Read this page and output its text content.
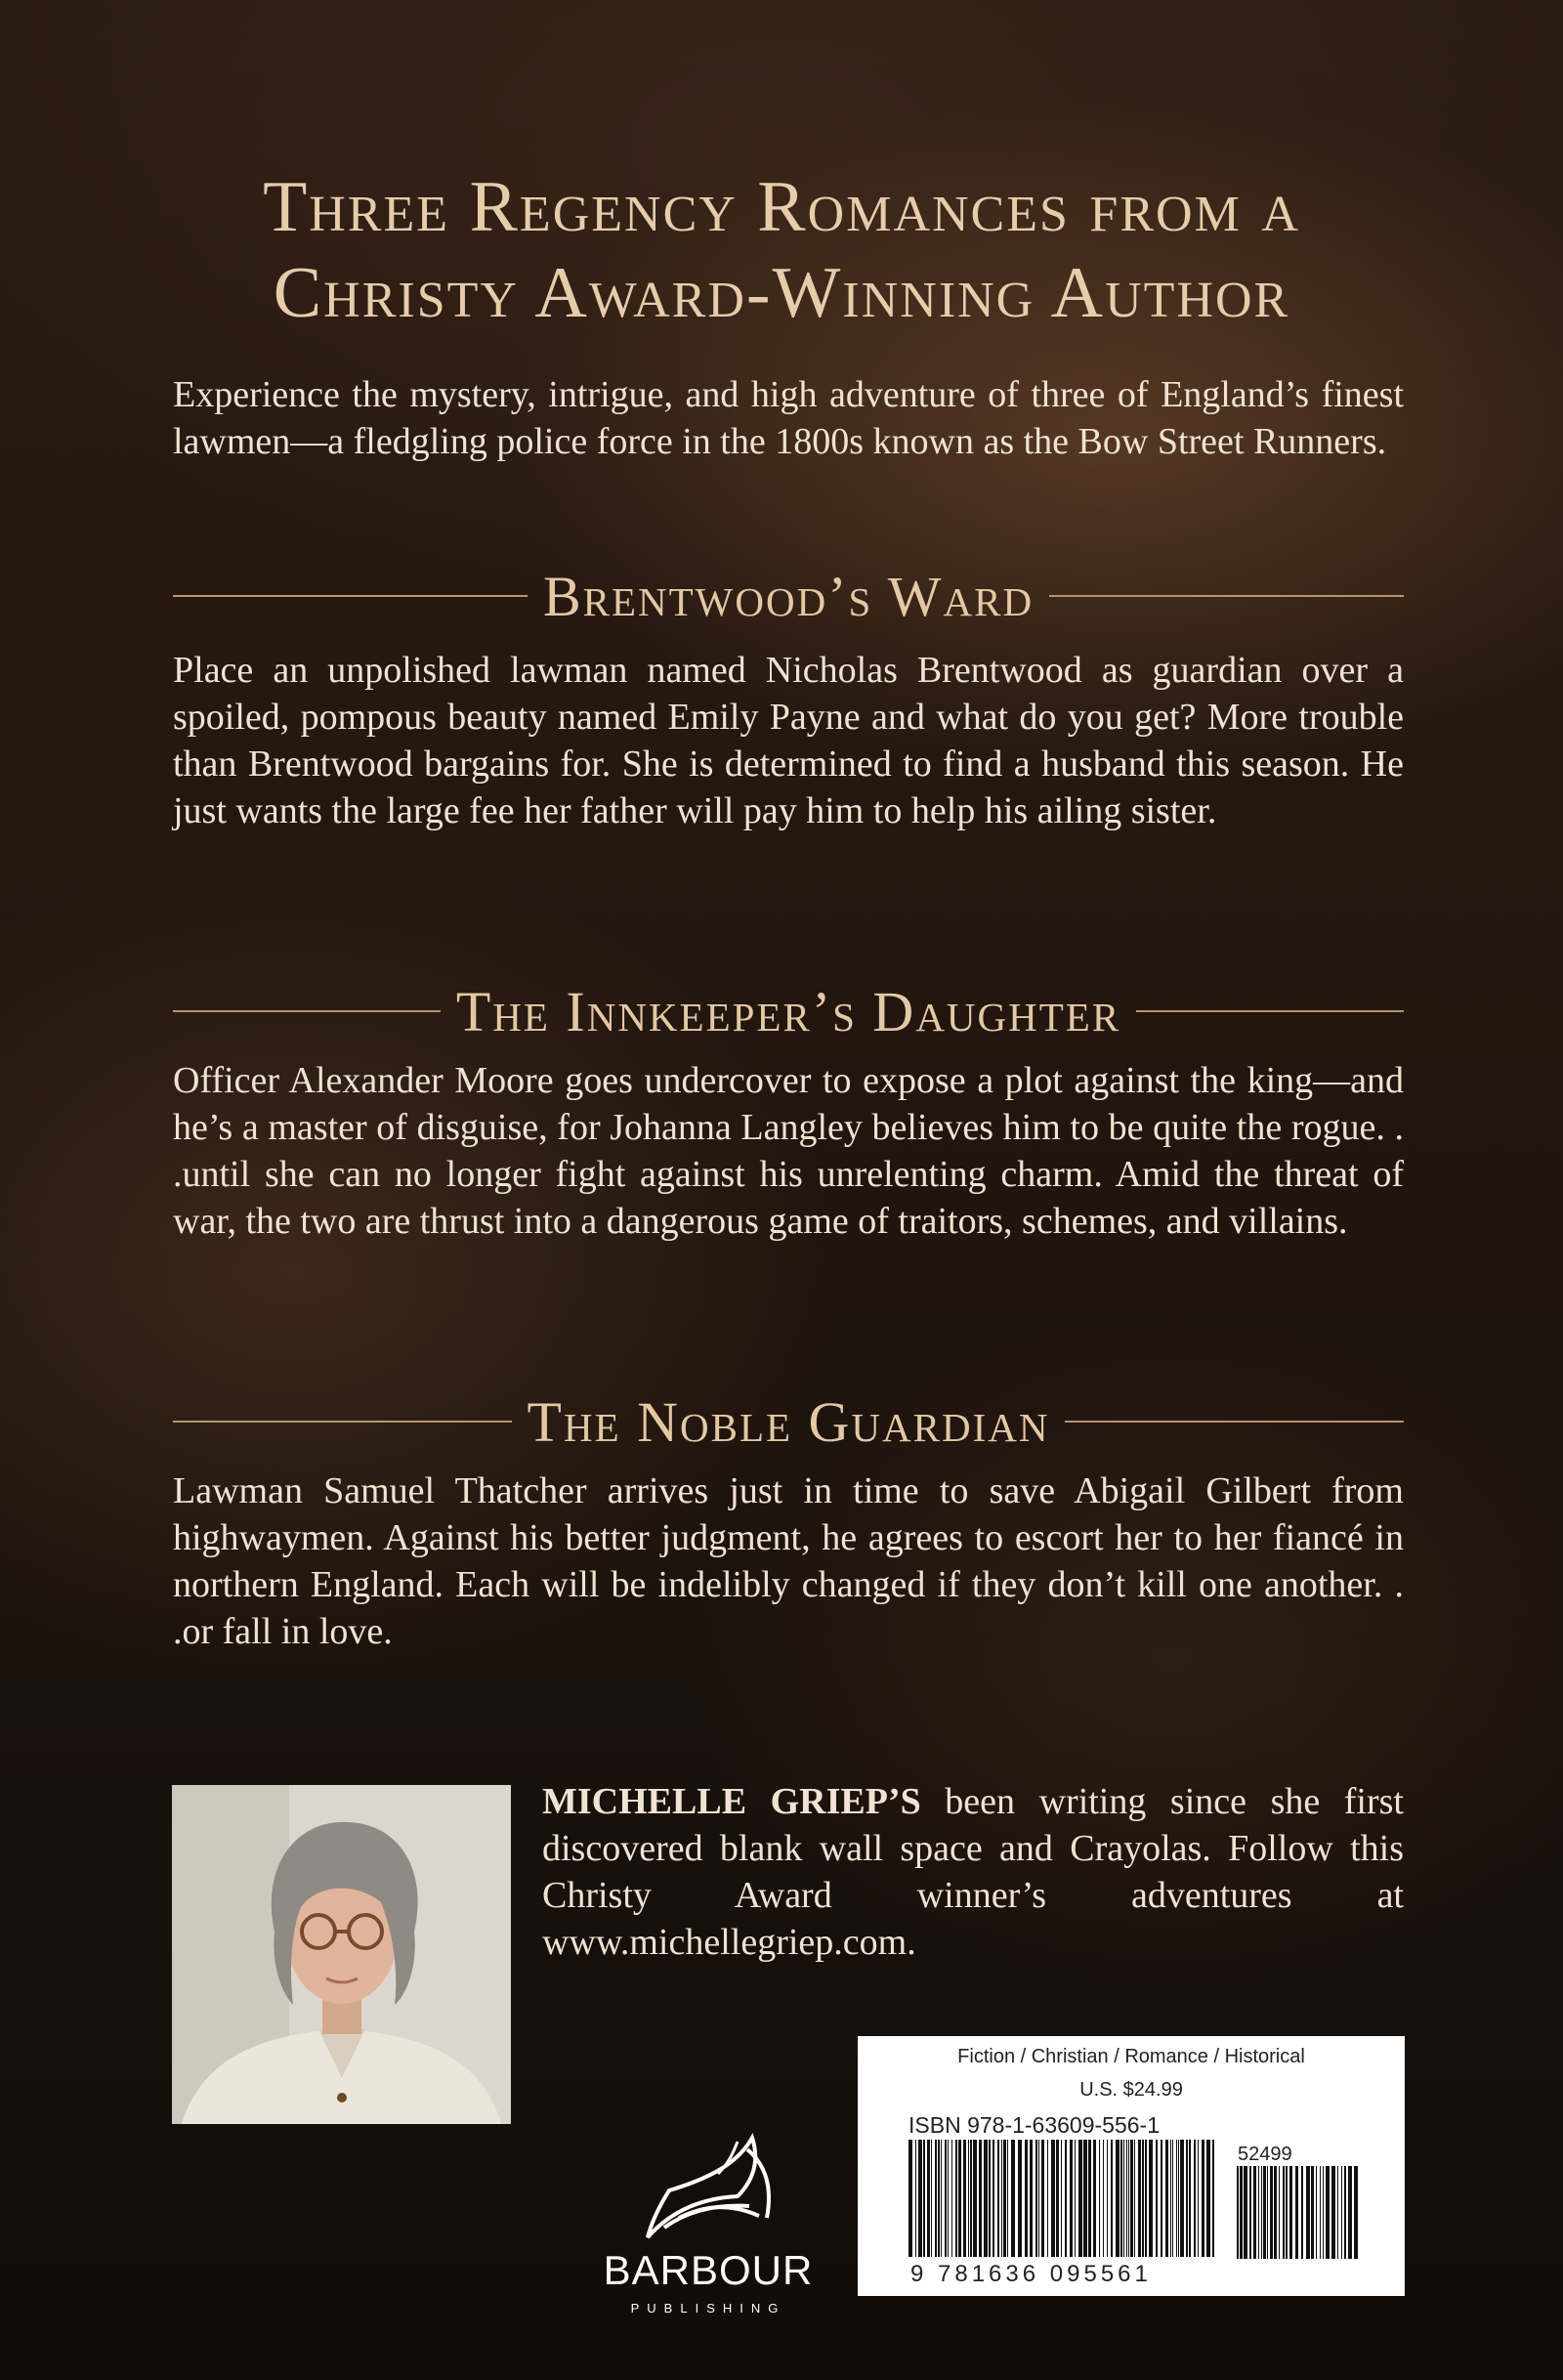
Three Regency Romances from a
Christy Award-Winning Author
Experience the mystery, intrigue, and high adventure of three of England’s finest lawmen—a fledgling police force in the 1800s known as the Bow Street Runners.
Brentwood’s Ward
Place an unpolished lawman named Nicholas Brentwood as guardian over a spoiled, pompous beauty named Emily Payne and what do you get? More trouble than Brentwood bargains for. She is determined to find a husband this season. He just wants the large fee her father will pay him to help his ailing sister.
The Innkeeper’s Daughter
Officer Alexander Moore goes undercover to expose a plot against the king—and he’s a master of disguise, for Johanna Langley believes him to be quite the rogue. . .until she can no longer fight against his unrelenting charm. Amid the threat of war, the two are thrust into a dangerous game of traitors, schemes, and villains.
The Noble Guardian
Lawman Samuel Thatcher arrives just in time to save Abigail Gilbert from highwaymen. Against his better judgment, he agrees to escort her to her fiancé in northern England. Each will be indelibly changed if they don’t kill one another. . .or fall in love.
MICHELLE GRIEP’S been writing since she first discovered blank wall space and Crayolas. Follow this Christy Award winner’s adventures at www.michellegriep.com.
BARBOUR
PUBLISHING
Fiction / Christian / Romance / Historical
U.S. $24.99
ISBN 978-1-63609-556-1
52499
9 781636 095561
